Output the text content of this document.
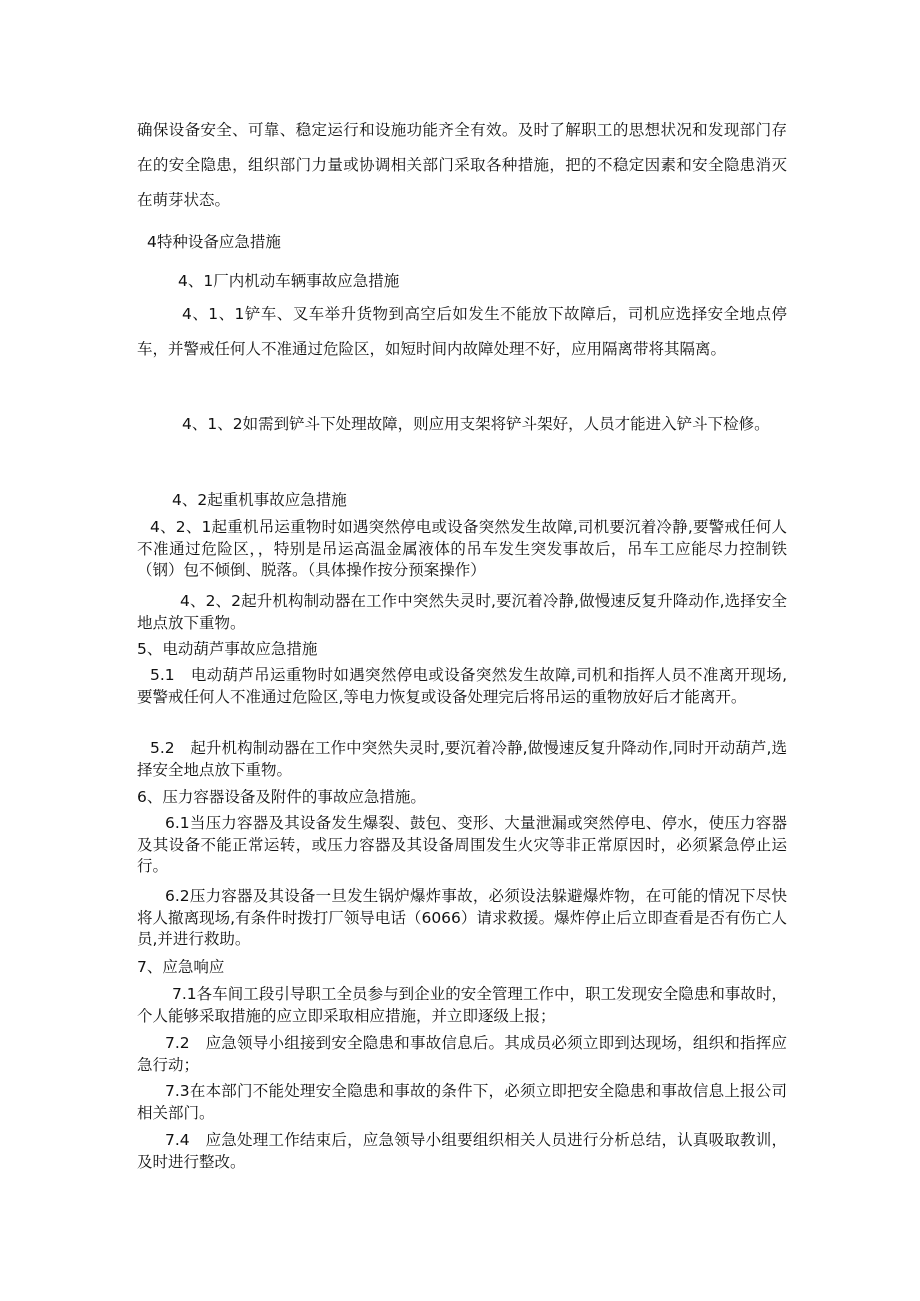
确保设备安全、可靠、稳定运行和设施功能齐全有效。及时了解职工的思想状况和发现部门存在的安全隐患，组织部门力量或协调相关部门采取各种措施，把的不稳定因素和安全隐患消灭在萌芽状态。

4特种设备应急措施

4、1厂内机动车辆事故应急措施

4、1、1铲车、叉车举升货物到高空后如发生不能放下故障后，司机应选择安全地点停车，并警戒任何人不准通过危险区，如短时间内故障处理不好，应用隔离带将其隔离。

4、1、2如需到铲斗下处理故障，则应用支架将铲斗架好，人员才能进入铲斗下检修。

4、2起重机事故应急措施

4、2、1起重机吊运重物时如遇突然停电或设备突然发生故障,司机要沉着冷静,要警戒任何人不准通过危险区，，特别是吊运高温金属液体的吊车发生突发事故后，吊车工应能尽力控制铁（钢）包不倾倒、脱落。（具体操作按分预案操作）

4、2、2起升机构制动器在工作中突然失灵时,要沉着冷静,做慢速反复升降动作,选择安全地点放下重物。

5、电动葫芦事故应急措施

5.1　电动葫芦吊运重物时如遇突然停电或设备突然发生故障,司机和指挥人员不准离开现场,要警戒任何人不准通过危险区,等电力恢复或设备处理完后将吊运的重物放好后才能离开。

5.2　起升机构制动器在工作中突然失灵时,要沉着冷静,做慢速反复升降动作,同时开动葫芦,选择安全地点放下重物。

6、压力容器设备及附件的事故应急措施。

6.1当压力容器及其设备发生爆裂、鼓包、变形、大量泄漏或突然停电、停水，使压力容器及其设备不能正常运转，或压力容器及其设备周围发生火灾等非正常原因时，必须紧急停止运行。

6.2压力容器及其设备一旦发生锅炉爆炸事故，必须设法躲避爆炸物，在可能的情况下尽快将人撤离现场,有条件时拨打厂领导电话（6066）请求救援。爆炸停止后立即查看是否有伤亡人员,并进行救助。

7、应急响应

7.1各车间工段引导职工全员参与到企业的安全管理工作中，职工发现安全隐患和事故时，个人能够采取措施的应立即采取相应措施，并立即逐级上报；

7.2　应急领导小组接到安全隐患和事故信息后。其成员必须立即到达现场，组织和指挥应急行动；

7.3在本部门不能处理安全隐患和事故的条件下，必须立即把安全隐患和事故信息上报公司相关部门。

7.4　应急处理工作结束后，应急领导小组要组织相关人员进行分析总结，认真吸取教训，及时进行整改。
